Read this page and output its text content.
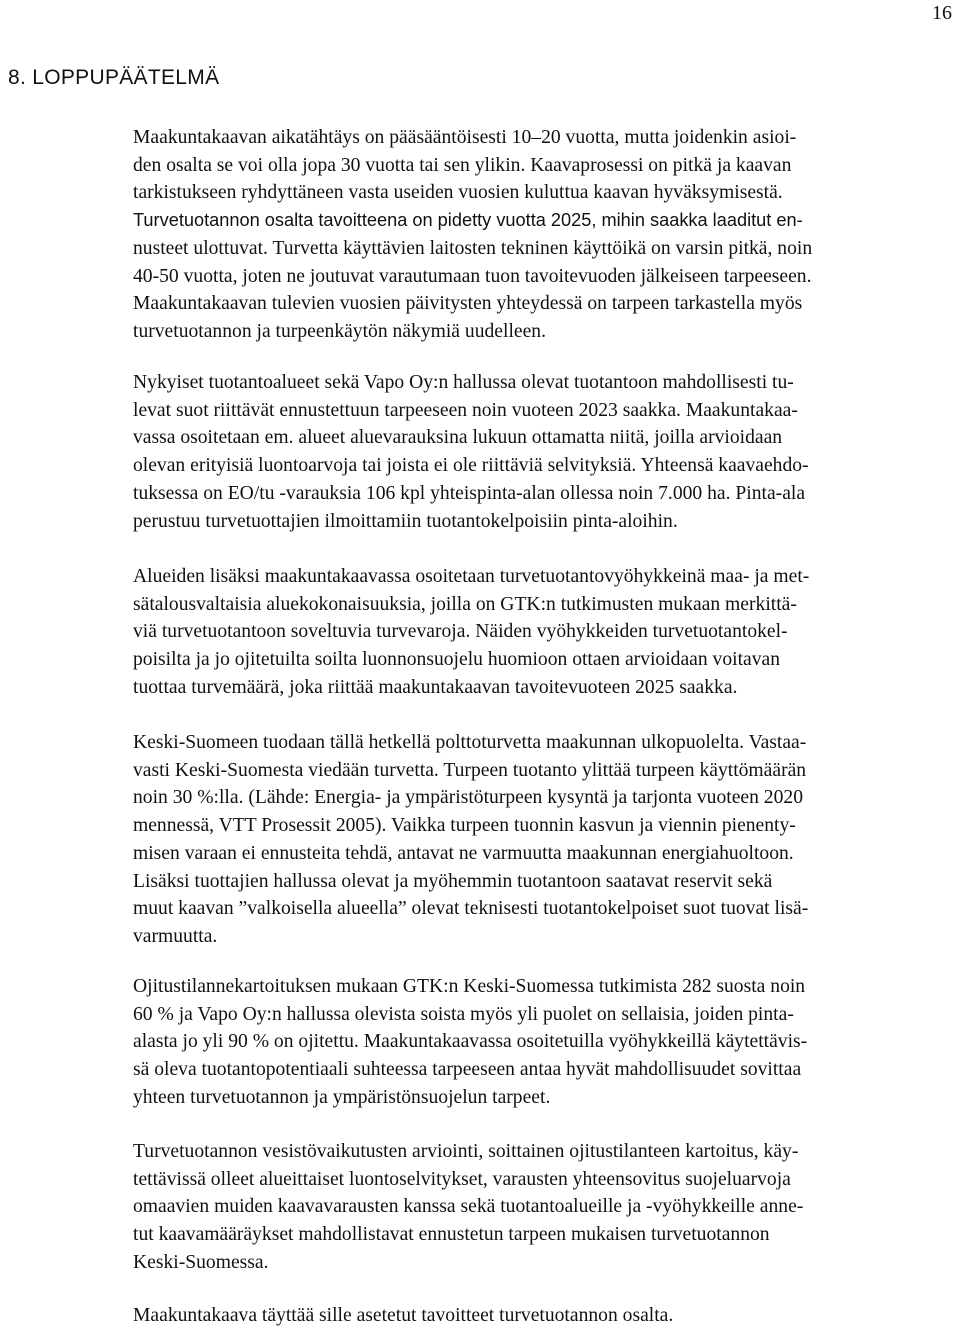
16
8. LOPPUPÄÄTELMÄ
Maakuntakaavan aikatähtäys on pääsääntöisesti 10–20 vuotta, mutta joidenkin asioi-
den osalta se voi olla jopa 30 vuotta tai sen ylikin. Kaavaprosessi on pitkä ja kaavan
tarkistukseen ryhdyttäneen vasta useiden vuosien kuluttua kaavan hyväksymisestä.
Turvetuotannon osalta tavoitteena on pidetty vuotta 2025, mihin saakka laaditut en-
nusteet ulottuvat. Turvetta käyttävien laitosten tekninen käyttöikä on varsin pitkä, noin
40-50 vuotta, joten ne joutuvat varautumaan tuon tavoitevuoden jälkeiseen tarpeeseen.
Maakuntakaavan tulevien vuosien päivitysten yhteydessä on tarpeen tarkastella myös
turvetuotannon ja turpeenkäytön näkymiä uudelleen.
Nykyiset tuotantoalueet sekä Vapo Oy:n hallussa olevat tuotantoon mahdollisesti tu-
levat suot riittävät ennustettuun tarpeeseen noin vuoteen 2023 saakka. Maakuntakaa-
vassa osoitetaan em. alueet aluevarauksina lukuun ottamatta niitä, joilla arvioidaan
olevan erityisiä luontoarvoja tai joista ei ole riittäviä selvityksiä. Yhteensä kaavaehdo-
tuksessa on EO/tu -varauksia 106 kpl yhteispinta-alan ollessa noin 7.000 ha. Pinta-ala
perustuu turvetuottajien ilmoittamiin tuotantokelpoisiin pinta-aloihin.
Alueiden lisäksi maakuntakaavassa osoitetaan turvetuotantovyöhykkeinä maa- ja met-
sätalousvaltaisia aluekokonaisuuksia, joilla on GTK:n tutkimusten mukaan merkittä-
viä turvetuotantoon soveltuvia turvevaroja. Näiden vyöhykkeiden turvetuotantokel-
poisilta ja jo ojitetuilta soilta luonnonsuojelu huomioon ottaen arvioidaan voitavan
tuottaa turvemäärä, joka riittää maakuntakaavan tavoitevuoteen 2025 saakka.
Keski-Suomeen tuodaan tällä hetkellä polttoturvetta maakunnan ulkopuolelta. Vastaa-
vasti Keski-Suomesta viedään turvetta. Turpeen tuotanto ylittää turpeen käyttömäärän
noin 30 %:lla. (Lähde: Energia- ja ympäristöturpeen kysyntä ja tarjonta vuoteen 2020
mennessä, VTT Prosessit 2005). Vaikka turpeen tuonnin kasvun ja viennin pienenty-
misen varaan ei ennusteita tehdä, antavat ne varmuutta maakunnan energiahuoltoon.
Lisäksi tuottajien hallussa olevat ja myöhemmin tuotantoon saatavat reservit sekä
muut kaavan ”valkoisella alueella” olevat teknisesti tuotantokelpoiset suot tuovat lisä-
varmuutta.
Ojitustilannekartoituksen mukaan GTK:n Keski-Suomessa tutkimista 282 suosta noin
60 % ja Vapo Oy:n hallussa olevista soista myös yli puolet on sellaisia, joiden pinta-
alasta jo yli 90 % on ojitettu. Maakuntakaavassa osoitetuilla vyöhykkeillä käytettävis-
sä oleva tuotantopotentiaali suhteessa tarpeeseen antaa hyvät mahdollisuudet sovittaa
yhteen turvetuotannon ja ympäristönsuojelun tarpeet.
Turvetuotannon vesistövaikutusten arviointi, soittainen ojitustilanteen kartoitus, käy-
tettävissä olleet alueittaiset luontoselvitykset, varausten yhteensovitus suojeluarvoja
omaavien muiden kaavavarausten kanssa sekä tuotantoalueille ja -vyöhykkeille anne-
tut kaavamääräykset mahdollistavat ennustetun tarpeen mukaisen turvetuotannon
Keski-Suomessa.
Maakuntakaava täyttää sille asetetut tavoitteet turvetuotannon osalta.
